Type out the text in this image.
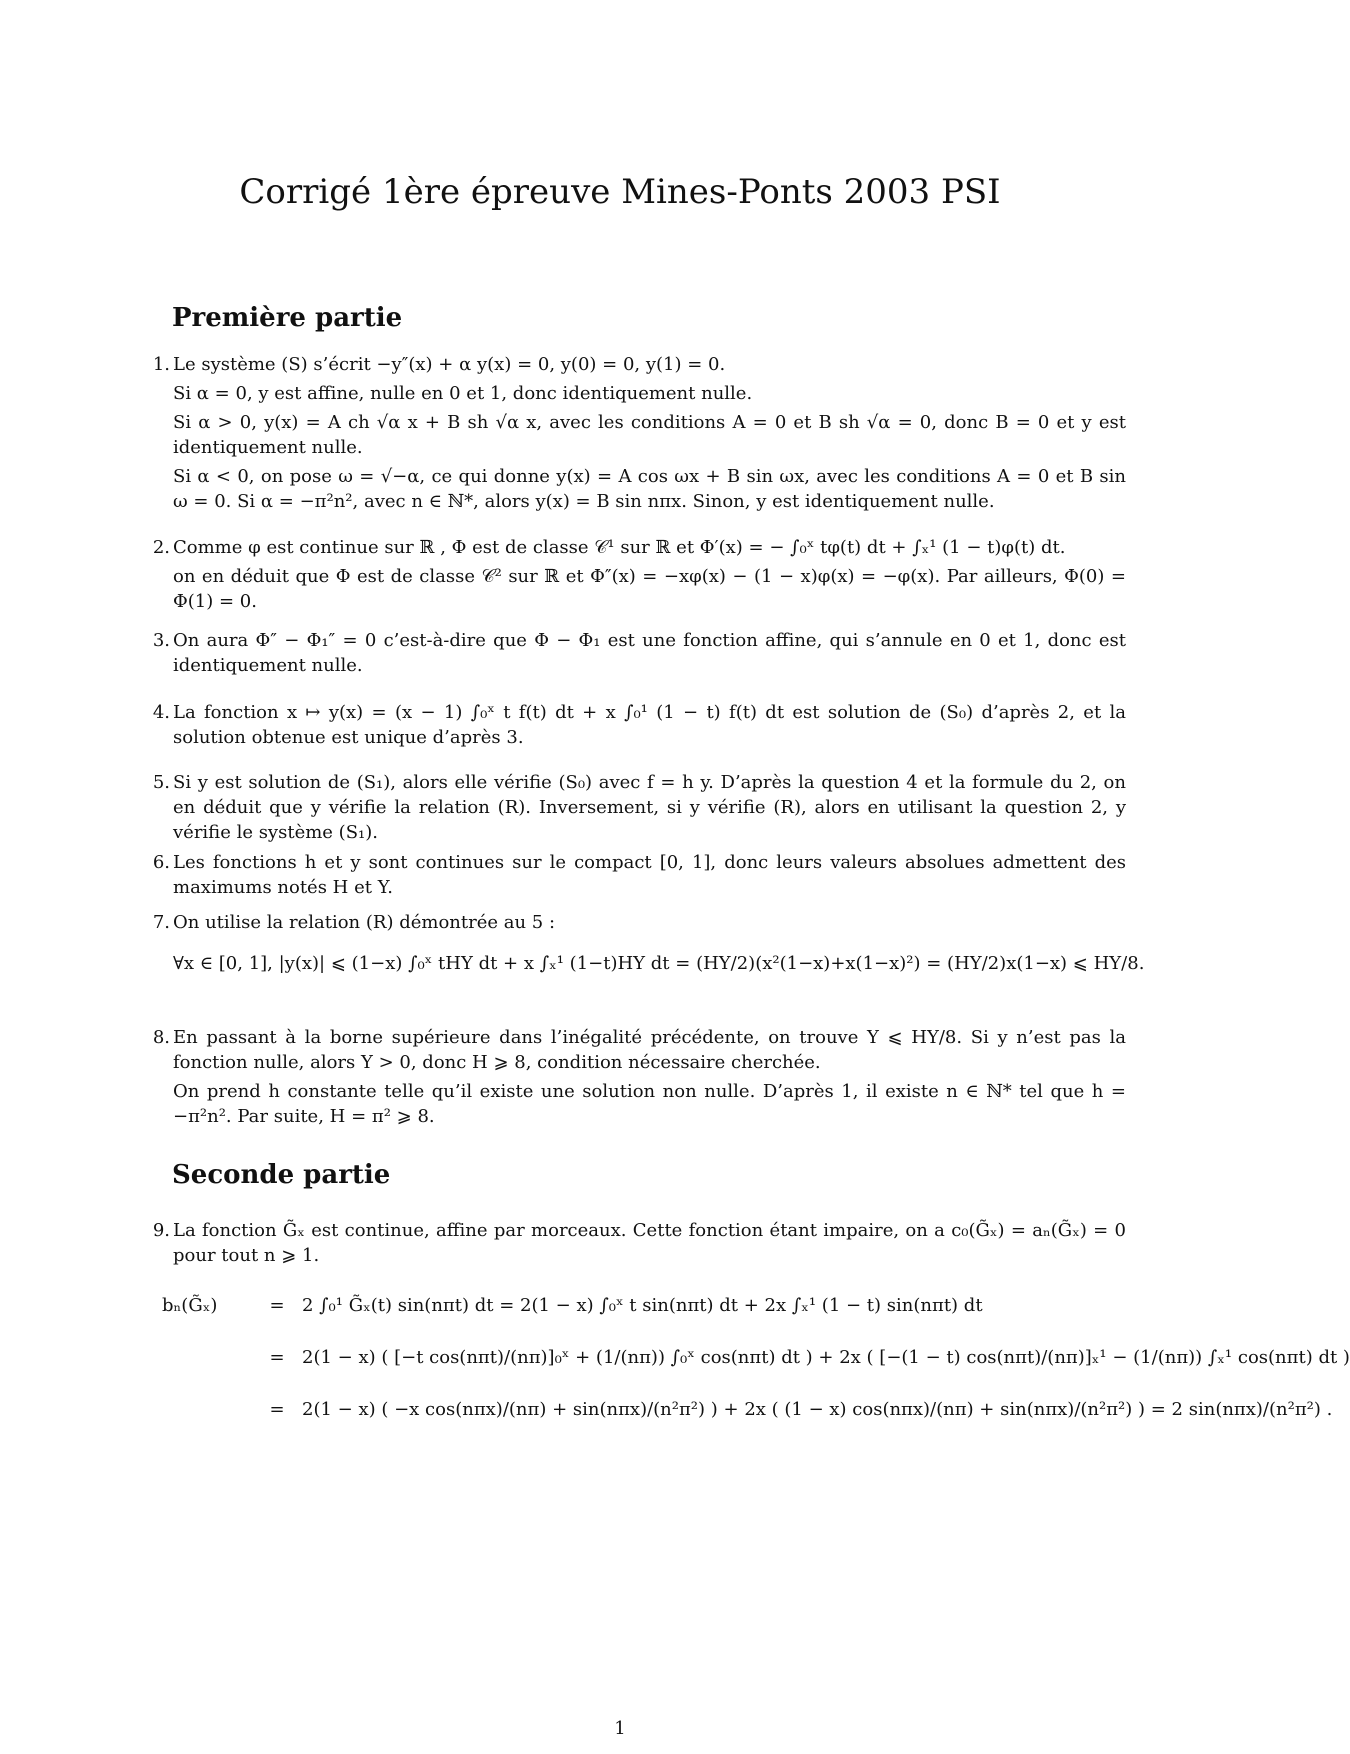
Corrigé 1ère épreuve Mines-Ponts 2003 PSI
Première partie
1. Le système (S) s’écrit −y″(x) + α y(x) = 0, y(0) = 0, y(1) = 0.

Si α = 0, y est affine, nulle en 0 et 1, donc identiquement nulle.

Si α > 0, y(x) = A ch √α x + B sh √α x, avec les conditions A = 0 et B sh √α = 0, donc B = 0 et y est identiquement nulle.

Si α < 0, on pose ω = √−α, ce qui donne y(x) = A cos ωx + B sin ωx, avec les conditions A = 0 et B sin ω = 0. Si α = −π²n², avec n ∈ ℕ*, alors y(x) = B sin nπx. Sinon, y est identiquement nulle.

2. Comme φ est continue sur ℝ , Φ est de classe 𝒞¹ sur ℝ et Φ′(x) = − ∫₀ˣ tφ(t) dt + ∫ₓ¹ (1 − t)φ(t) dt.

on en déduit que Φ est de classe 𝒞² sur ℝ et Φ″(x) = −xφ(x) − (1 − x)φ(x) = −φ(x). Par ailleurs, Φ(0) = Φ(1) = 0.

3. On aura Φ″ − Φ₁″ = 0 c’est-à-dire que Φ − Φ₁ est une fonction affine, qui s’annule en 0 et 1, donc est identiquement nulle.

4. La fonction x ↦ y(x) = (x − 1) ∫₀ˣ t f(t) dt + x ∫₀¹ (1 − t) f(t) dt est solution de (S₀) d’après 2, et la solution obtenue est unique d’après 3.

5. Si y est solution de (S₁), alors elle vérifie (S₀) avec f = h y. D’après la question 4 et la formule du 2, on en déduit que y vérifie la relation (R). Inversement, si y vérifie (R), alors en utilisant la question 2, y vérifie le système (S₁).

6. Les fonctions h et y sont continues sur le compact [0, 1], donc leurs valeurs absolues admettent des maximums notés H et Y.

7. On utilise la relation (R) démontrée au 5 :

∀x ∈ [0, 1], |y(x)| ⩽ (1−x) ∫₀ˣ tHY dt + x ∫ₓ¹ (1−t)HY dt = (HY/2)(x²(1−x)+x(1−x)²) = (HY/2)x(1−x) ⩽ HY/8.
8. En passant à la borne supérieure dans l’inégalité précédente, on trouve Y ⩽ HY/8. Si y n’est pas la fonction nulle, alors Y > 0, donc H ⩾ 8, condition nécessaire cherchée.

On prend h constante telle qu’il existe une solution non nulle. D’après 1, il existe n ∈ ℕ* tel que h = −π²n². Par suite, H = π² ⩾ 8.

Seconde partie
9. La fonction G̃ₓ est continue, affine par morceaux. Cette fonction étant impaire, on a c₀(G̃ₓ) = aₙ(G̃ₓ) = 0 pour tout n ⩾ 1.

bₙ(G̃ₓ)	= 2 ∫₀¹ G̃ₓ(t) sin(nπt) dt = 2(1 − x) ∫₀ˣ t sin(nπt) dt + 2x ∫ₓ¹ (1 − t) sin(nπt) dt
= 2(1 − x) ( [−t cos(nπt)/(nπ)]₀ˣ + (1/(nπ)) ∫₀ˣ cos(nπt) dt ) + 2x ( [−(1 − t) cos(nπt)/(nπ)]ₓ¹ − (1/(nπ)) ∫ₓ¹ cos(nπt) dt )
= 2(1 − x) ( −x cos(nπx)/(nπ) + sin(nπx)/(n²π²) ) + 2x ( (1 − x) cos(nπx)/(nπ) + sin(nπx)/(n²π²) ) = 2 sin(nπx)/(n²π²) .
1
